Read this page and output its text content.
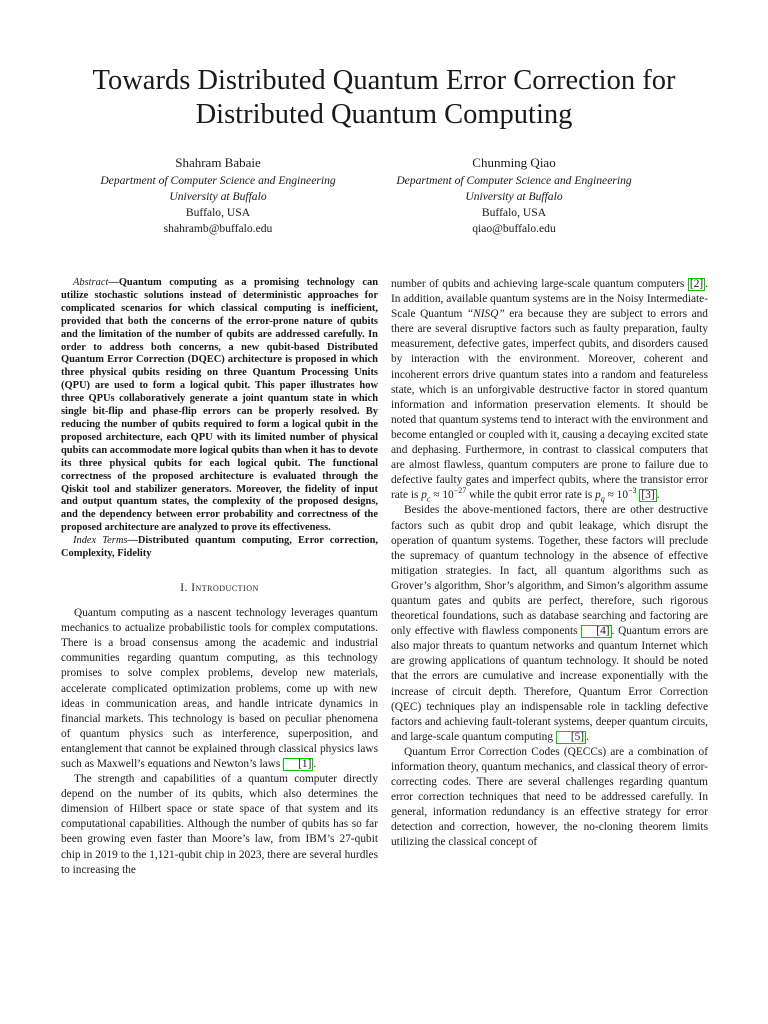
Towards Distributed Quantum Error Correction for
Distributed Quantum Computing
Shahram Babaie
Department of Computer Science and Engineering
University at Buffalo
Buffalo, USA
shahramb@buffalo.edu
Chunming Qiao
Department of Computer Science and Engineering
University at Buffalo
Buffalo, USA
qiao@buffalo.edu

Abstract—Quantum computing as a promising technology can utilize stochastic solutions instead of deterministic approaches for complicated scenarios for which classical computing is inefficient, provided that both the concerns of the error-prone nature of qubits and the limitation of the number of qubits are addressed carefully. In order to address both concerns, a new qubit-based Distributed Quantum Error Correction (DQEC) architecture is proposed in which three physical qubits residing on three Quantum Processing Units (QPU) are used to form a logical qubit. This paper illustrates how three QPUs collaboratively generate a joint quantum state in which single bit-flip and phase-flip errors can be properly resolved. By reducing the number of qubits required to form a logical qubit in the proposed architecture, each QPU with its limited number of physical qubits can accommodate more logical qubits than when it has to devote its three physical qubits for each logical qubit. The functional correctness of the proposed architecture is evaluated through the Qiskit tool and stabilizer generators. Moreover, the fidelity of input and output quantum states, the complexity of the proposed designs, and the dependency between error probability and correctness of the proposed architecture are analyzed to prove its effectiveness.

Index Terms—Distributed quantum computing, Error correction, Complexity, Fidelity

I. Introduction

Quantum computing as a nascent technology leverages quantum mechanics to actualize probabilistic tools for complex computations. There is a broad consensus among the academic and industrial communities regarding quantum computing, as this technology promises to solve complex problems, develop new materials, accelerate complicated optimization problems, come up with new ideas in communication areas, and handle intricate dynamics in financial markets. This technology is based on peculiar phenomena of quantum physics such as interference, superposition, and entanglement that cannot be explained through classical physics laws such as Maxwell’s equations and Newton’s laws [1] .

The strength and capabilities of a quantum computer directly depend on the number of its qubits, which also determines the dimension of Hilbert space or state space of that system and its computational capabilities. Although the number of qubits has so far been growing even faster than Moore’s law, from IBM’s 27-qubit chip in 2019 to the 1,121-qubit chip in 2023, there are several hurdles to increasing the

number of qubits and achieving large-scale quantum computers [2] . In addition, available quantum systems are in the Noisy Intermediate-Scale Quantum “NISQ” era because they are subject to errors and there are several disruptive factors such as faulty preparation, faulty measurement, defective gates, imperfect qubits, and disorders caused by interaction with the environment. Moreover, coherent and incoherent errors drive quantum states into a random and featureless state, which is an unforgivable destructive factor in stored quantum information and information preservation elements. It should be noted that quantum systems tend to interact with the environment and become entangled or coupled with it, causing a decaying excited state and dephasing. Furthermore, in contrast to classical computers that are almost flawless, quantum computers are prone to failure due to defective faulty gates and imperfect qubits, where the transistor error rate is $p_c \approx 10^{-27}$ while the qubit error rate is $p_q \approx 10^{-3}$ [3] .

Besides the above-mentioned factors, there are other destructive factors such as qubit drop and qubit leakage, which disrupt the operation of quantum systems. Together, these factors will preclude the supremacy of quantum technology in the absence of effective mitigation strategies. In fact, all quantum algorithms such as Grover’s algorithm, Shor’s algorithm, and Simon’s algorithm assume quantum gates and qubits are perfect, therefore, such rigorous theoretical foundations, such as database searching and factoring are only effective with flawless components [4] . Quantum errors are also major threats to quantum networks and quantum Internet which are growing applications of quantum technology. It should be noted that the errors are cumulative and increase exponentially with the increase of circuit depth. Therefore, Quantum Error Correction (QEC) techniques play an indispensable role in tackling defective factors and achieving fault-tolerant systems, deeper quantum circuits, and large-scale quantum computing [5] .

Quantum Error Correction Codes (QECCs) are a combination of information theory, quantum mechanics, and classical theory of error-correcting codes. There are several challenges regarding quantum error correction techniques that need to be addressed carefully. In general, information redundancy is an effective strategy for error detection and correction, however, the no-cloning theorem limits utilizing the classical concept of
